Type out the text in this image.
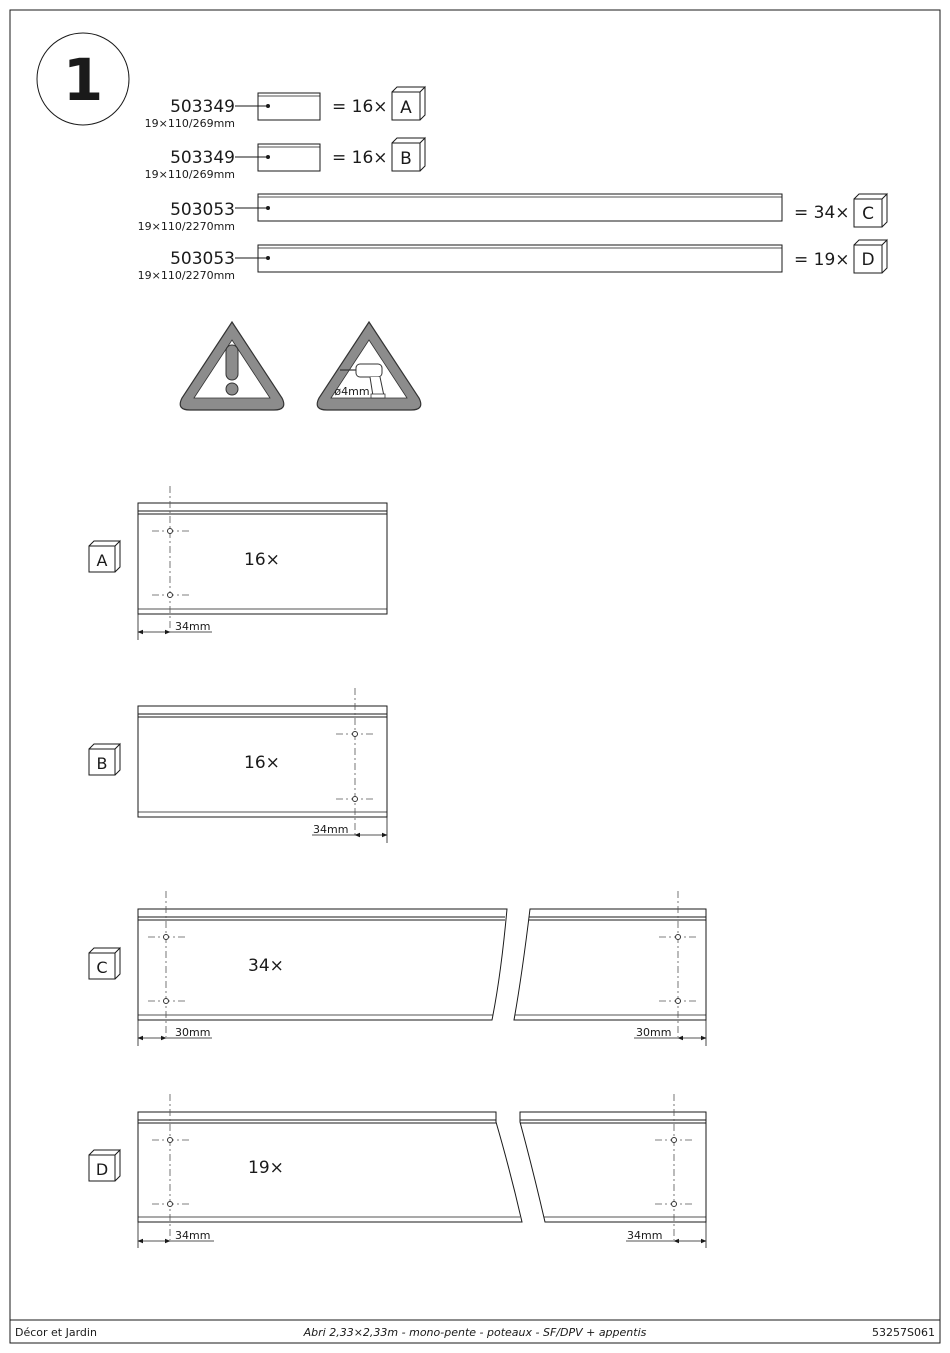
1	503349
19×110/269mm
= 16× A
503349
19×110/269mm
= 16× B
503053
19×110/2270mm
= 34× C
503053
19×110/2270mm
= 19× D
ø4mm
A	16×
34mm
B	16×
34mm
C	34×
30mm	30mm
D	19×
34mm	34mm
Décor et Jardin	Abri 2,33×2,33m - mono-pente - poteaux - SF/DPV + appentis	53257S061
